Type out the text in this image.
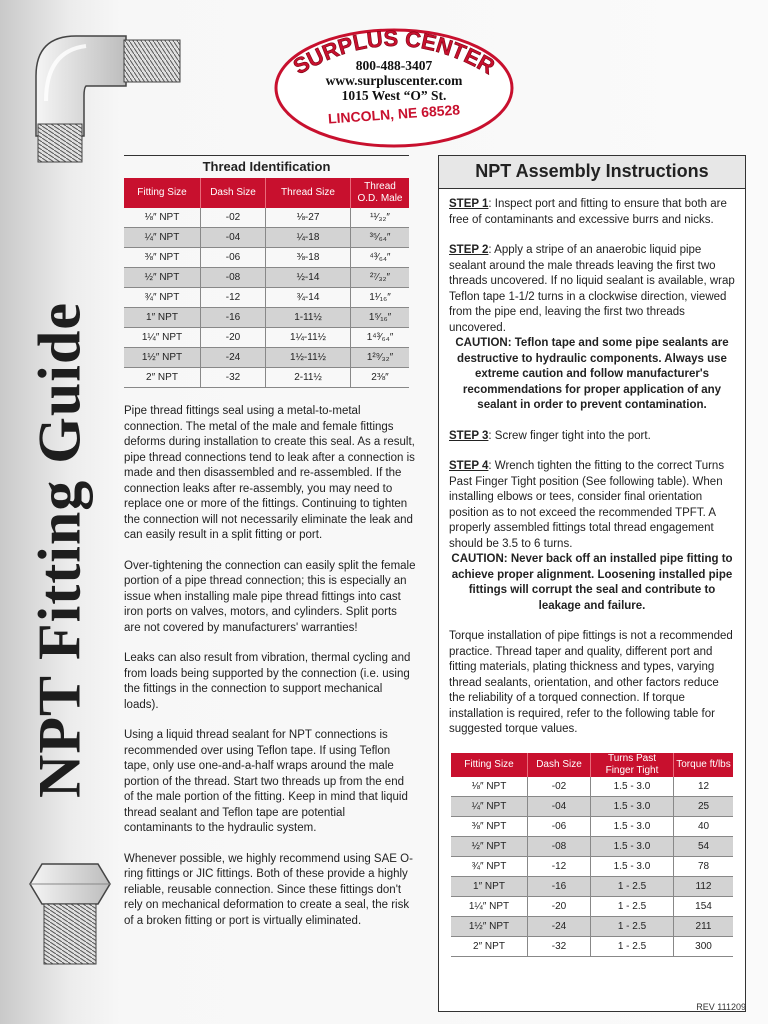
NPT Fitting Guide
SURPLUS CENTER
800-488-3407
www.surpluscenter.com
1015 West “O” St.
LINCOLN, NE 68528
Thread Identification
Fitting Size	Dash Size	Thread Size	Thread O.D. Male
⅛″ NPT	-02	⅛-27	¹¹⁄₃₂″
¼″ NPT	-04	¼-18	³⁵⁄₆₄″
⅜″ NPT	-06	⅜-18	⁴³⁄₆₄″
½″ NPT	-08	½-14	²⁷⁄₃₂″
¾″ NPT	-12	¾-14	1¹⁄₁₆″
1″ NPT	-16	1-11½	1⁵⁄₁₆″
1¼″ NPT	-20	1¼-11½	1⁴³⁄₆₄″
1½″ NPT	-24	1½-11½	1²⁹⁄₃₂″
2″ NPT	-32	2-11½	2⅜″

Pipe thread fittings seal using a metal-to-metal connection. The metal of the male and female fittings deforms during installation to create this seal. As a result, pipe thread connections tend to leak after a connection is made and then disassembled and re-assembled. If the connection leaks after re-assembly, you may need to replace one or more of the fittings. Continuing to tighten the connection will not necessarily eliminate the leak and can easily result in a split fitting or port.

Over-tightening the connection can easily split the female portion of a pipe thread connection; this is especially an issue when installing male pipe thread fittings into cast iron ports on valves, motors, and cylinders. Split ports are not covered by manufacturers' warranties!

Leaks can also result from vibration, thermal cycling and from loads being supported by the connection (i.e. using the fittings in the connection to support mechanical loads).

Using a liquid thread sealant for NPT connections is recommended over using Teflon tape. If using Teflon tape, only use one-and-a-half wraps around the male portion of the thread. Start two threads up from the end of the male portion of the fitting. Keep in mind that liquid thread sealant and Teflon tape are potential contaminants to the hydraulic system.

Whenever possible, we highly recommend using SAE O-ring fittings or JIC fittings. Both of these provide a highly reliable, reusable connection. Since these fittings don't rely on mechanical deformation to create a seal, the risk of a broken fitting or port is virtually eliminated.

NPT Assembly Instructions

STEP 1: Inspect port and fitting to ensure that both are free of contaminants and excessive burrs and nicks.

STEP 2: Apply a stripe of an anaerobic liquid pipe sealant around the male threads leaving the first two threads uncovered. If no liquid sealant is available, wrap Teflon tape 1-1/2 turns in a clockwise direction, viewed from the pipe end, leaving the first two threads uncovered.
CAUTION: Teflon tape and some pipe sealants are destructive to hydraulic components. Always use extreme caution and follow manufacturer's recommendations for proper application of any sealant in order to prevent contamination.

STEP 3: Screw finger tight into the port.

STEP 4: Wrench tighten the fitting to the correct Turns Past Finger Tight position (See following table). When installing elbows or tees, consider final orientation position as to not exceed the recommended TPFT. A properly assembled fittings total thread engagement should be 3.5 to 6 turns.
CAUTION: Never back off an installed pipe fitting to achieve proper alignment. Loosening installed pipe fittings will corrupt the seal and contribute to leakage and failure.

Torque installation of pipe fittings is not a recommended practice. Thread taper and quality, different port and fitting materials, plating thickness and types, varying thread sealants, orientation, and other factors reduce the reliability of a torqued connection. If torque installation is required, refer to the following table for suggested torque values.

Fitting Size	Dash Size	Turns Past Finger Tight	Torque ft/lbs
⅛″ NPT	-02	1.5 - 3.0	12
¼″ NPT	-04	1.5 - 3.0	25
⅜″ NPT	-06	1.5 - 3.0	40
½″ NPT	-08	1.5 - 3.0	54
¾″ NPT	-12	1.5 - 3.0	78
1″ NPT	-16	1 - 2.5	112
1¼″ NPT	-20	1 - 2.5	154
1½″ NPT	-24	1 - 2.5	211
2″ NPT	-32	1 - 2.5	300
REV 111209
